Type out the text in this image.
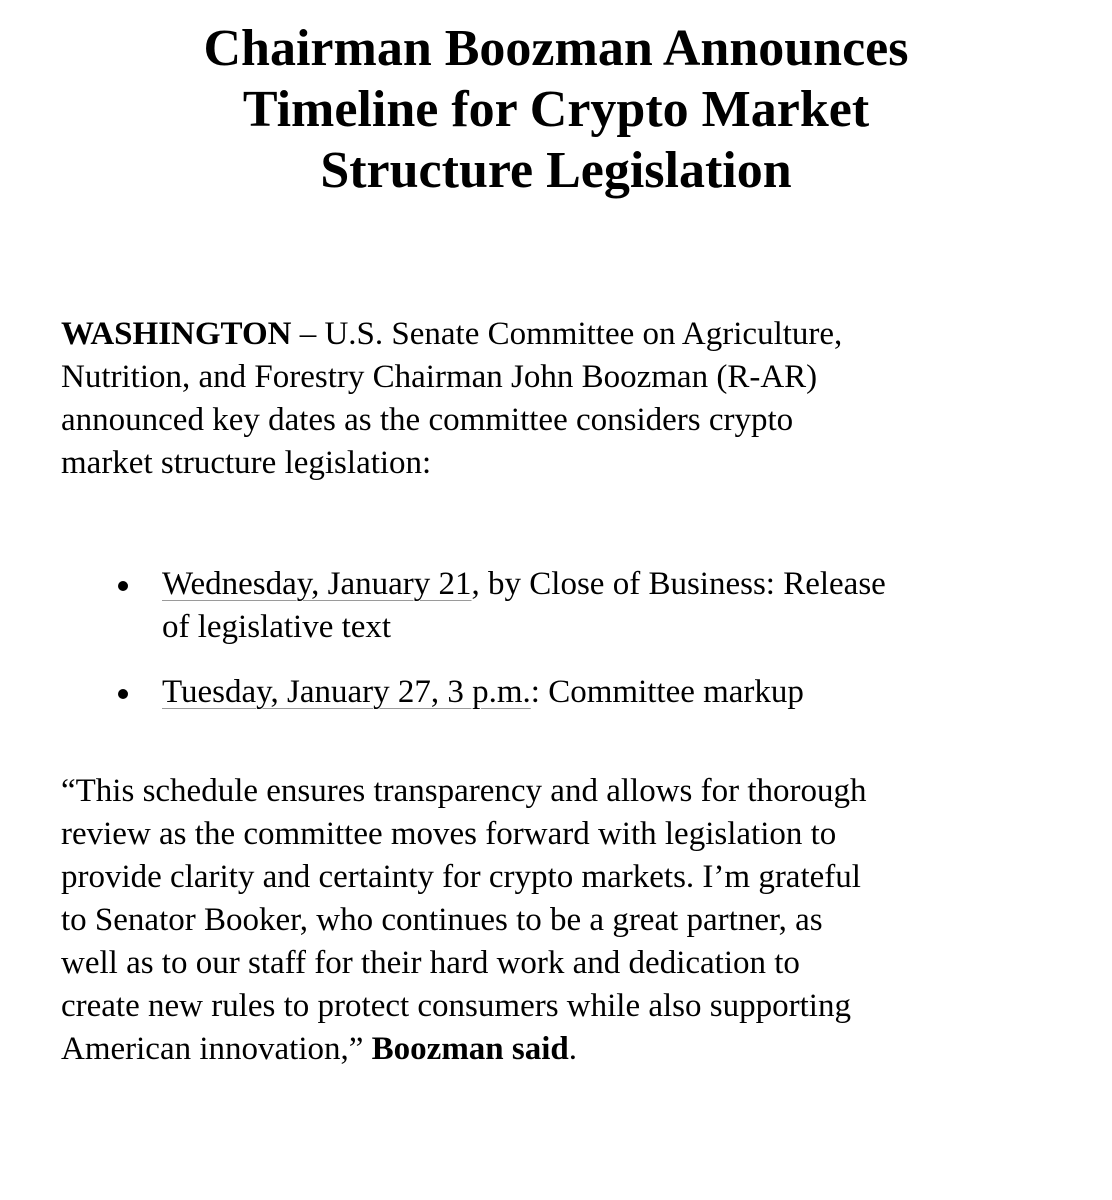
Chairman Boozman Announces
Timeline for Crypto Market
Structure Legislation

WASHINGTON – U.S. Senate Committee on Agriculture,
Nutrition, and Forestry Chairman John Boozman (R-AR)
announced key dates as the committee considers crypto
market structure legislation:

Wednesday, January 21, by Close of Business: Release
of legislative text
Tuesday, January 27, 3 p.m.: Committee markup

“This schedule ensures transparency and allows for thorough
review as the committee moves forward with legislation to
provide clarity and certainty for crypto markets. I’m grateful
to Senator Booker, who continues to be a great partner, as
well as to our staff for their hard work and dedication to
create new rules to protect consumers while also supporting
American innovation,” Boozman said.
